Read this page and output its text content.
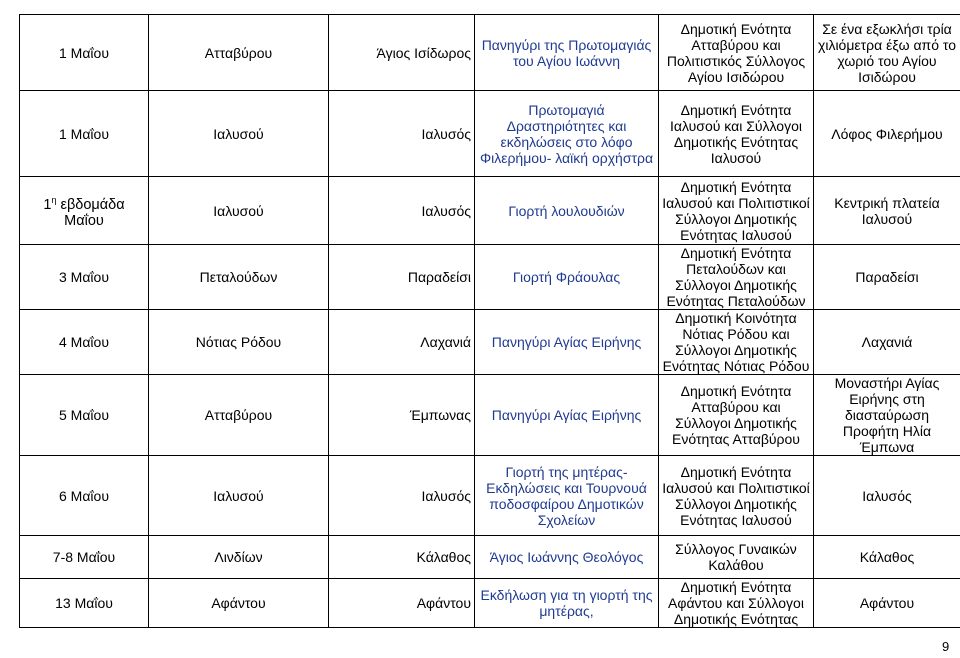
1 Μαΐου	Ατταβύρου	Άγιος Ισίδωρος	Πανηγύρι της Πρωτομαγιάς του Αγίου Ιωάννη	Δημοτική Ενότητα Ατταβύρου και Πολιτιστικός Σύλλογος Αγίου Ισιδώρου	Σε ένα εξωκλήσι τρία χιλιόμετρα έξω από το χωριό του Αγίου Ισιδώρου
1 Μαΐου	Ιαλυσού	Ιαλυσός	Πρωτομαγιά Δραστηριότητες και εκδηλώσεις στο λόφο Φιλερήμου- λαϊκή ορχήστρα	Δημοτική Ενότητα Ιαλυσού και Σύλλογοι Δημοτικής Ενότητας Ιαλυσού	Λόφος Φιλερήμου
$1^\eta$ εβδομάδα Μαΐου	Ιαλυσού	Ιαλυσός	Γιορτή λουλουδιών	Δημοτική Ενότητα Ιαλυσού και Πολιτιστικοί Σύλλογοι Δημοτικής Ενότητας Ιαλυσού	Κεντρική πλατεία Ιαλυσού
3 Μαΐου	Πεταλούδων	Παραδείσι	Γιορτή Φράουλας	Δημοτική Ενότητα Πεταλούδων και Σύλλογοι Δημοτικής Ενότητας Πεταλούδων	Παραδείσι
4 Μαΐου	Νότιας Ρόδου	Λαχανιά	Πανηγύρι Αγίας Ειρήνης	Δημοτική Κοινότητα Νότιας Ρόδου και Σύλλογοι Δημοτικής Ενότητας Νότιας Ρόδου	Λαχανιά
5 Μαΐου	Ατταβύρου	Έμπωνας	Πανηγύρι Αγίας Ειρήνης	Δημοτική Ενότητα Ατταβύρου και Σύλλογοι Δημοτικής Ενότητας Ατταβύρου	Μοναστήρι Αγίας Ειρήνης στη διασταύρωση Προφήτη Ηλία Έμπωνα
6 Μαΐου	Ιαλυσού	Ιαλυσός	Γιορτή της μητέρας- Εκδηλώσεις και Τουρνουά ποδοσφαίρου Δημοτικών Σχολείων	Δημοτική Ενότητα Ιαλυσού και Πολιτιστικοί Σύλλογοι Δημοτικής Ενότητας Ιαλυσού	Ιαλυσός
7-8 Μαΐου	Λινδίων	Κάλαθος	Άγιος Ιωάννης Θεολόγος	Σύλλογος Γυναικών Καλάθου	Κάλαθος
13 Μαΐου	Αφάντου	Αφάντου	Εκδήλωση για τη γιορτή της μητέρας,	Δημοτική Ενότητα Αφάντου και Σύλλογοι Δημοτικής Ενότητας	Αφάντου
9
